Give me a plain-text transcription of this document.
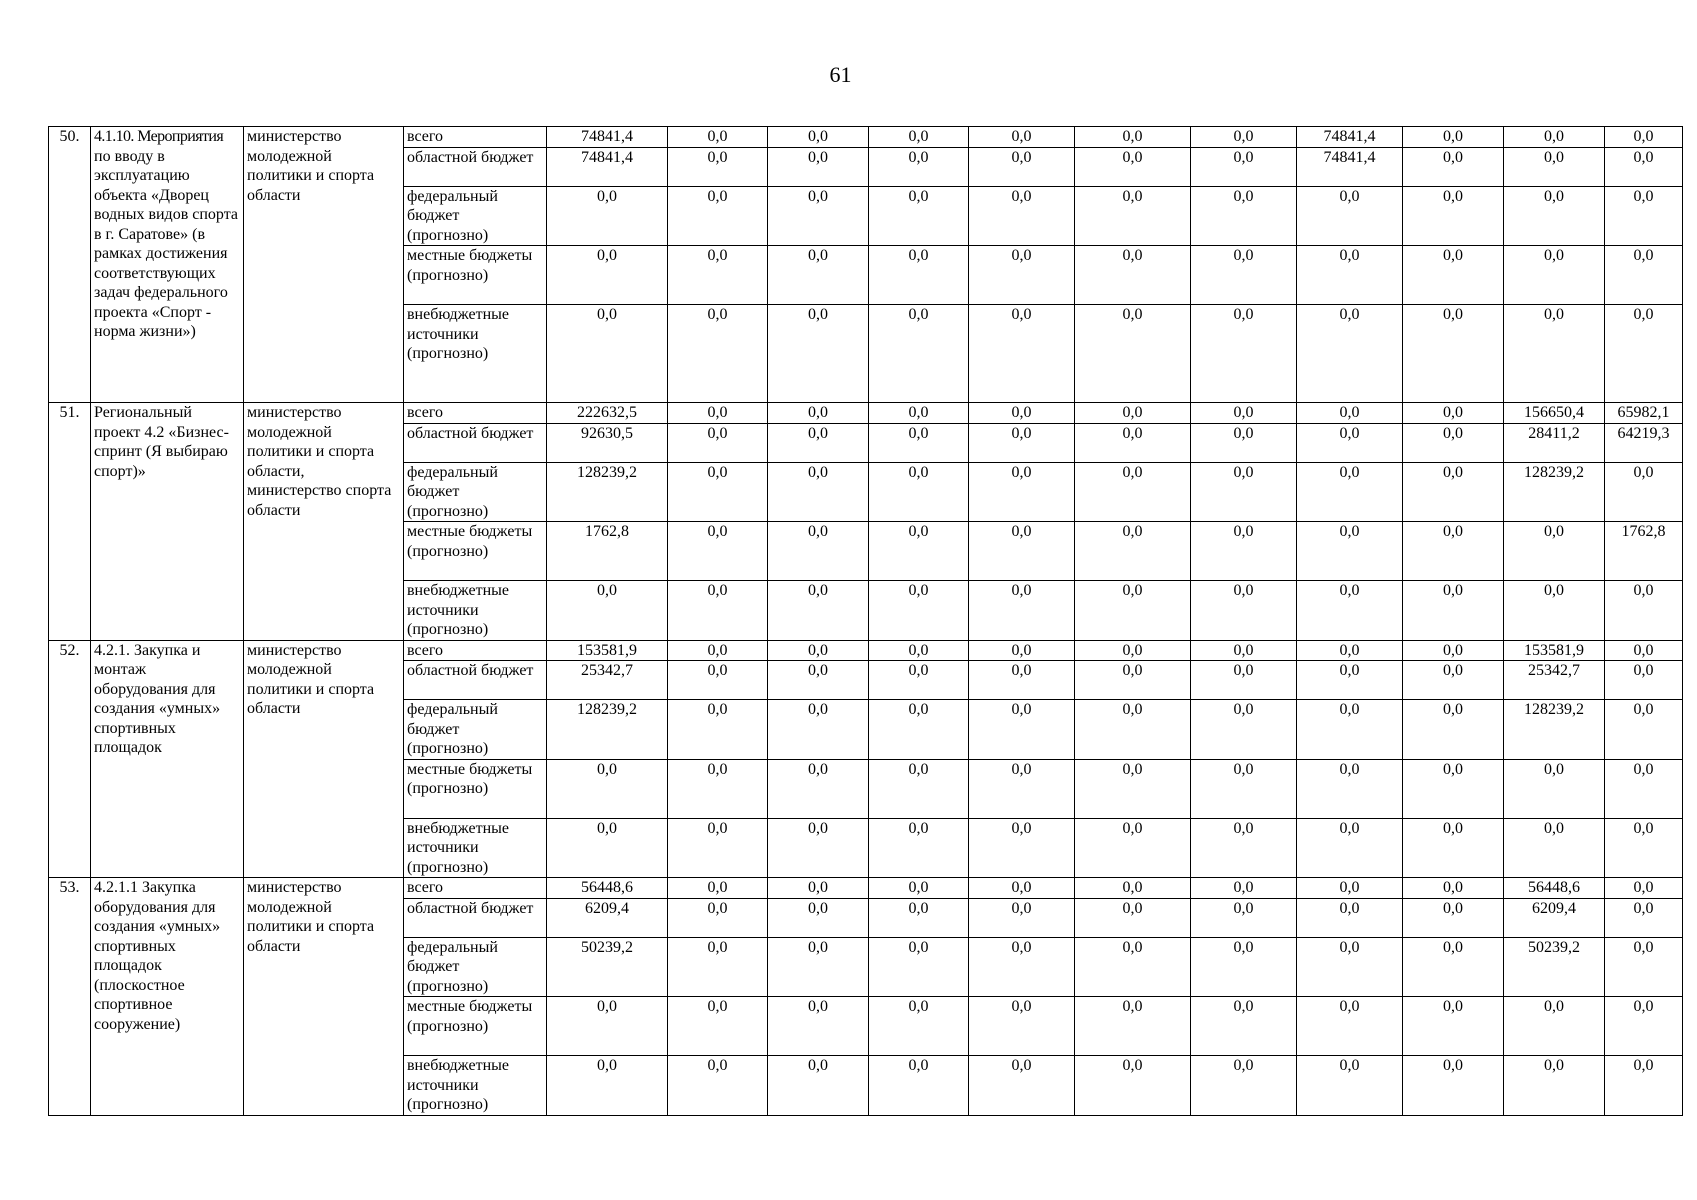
61
50.	4.1.10. Мероприятия по вводу в эксплуатацию объекта «Дворец водных видов спорта в г. Саратове» (в рамках достижения соответствующих задач федерального проекта «Спорт - норма жизни»)	министерство молодежной политики и спорта области	всего	74841,4	0,0	0,0	0,0	0,0	0,0	0,0	74841,4	0,0	0,0	0,0
			областной бюджет	74841,4	0,0	0,0	0,0	0,0	0,0	0,0	74841,4	0,0	0,0	0,0
			федеральный бюджет (прогнозно)	0,0	0,0	0,0	0,0	0,0	0,0	0,0	0,0	0,0	0,0	0,0
			местные бюджеты (прогнозно)	0,0	0,0	0,0	0,0	0,0	0,0	0,0	0,0	0,0	0,0	0,0
			внебюджетные источники (прогнозно)	0,0	0,0	0,0	0,0	0,0	0,0	0,0	0,0	0,0	0,0	0,0
51.	Региональный проект 4.2 «Бизнес-спринт (Я выбираю спорт)»	министерство молодежной политики и спорта области, министерство спорта области	всего	222632,5	0,0	0,0	0,0	0,0	0,0	0,0	0,0	0,0	156650,4	65982,1
			областной бюджет	92630,5	0,0	0,0	0,0	0,0	0,0	0,0	0,0	0,0	28411,2	64219,3
			федеральный бюджет (прогнозно)	128239,2	0,0	0,0	0,0	0,0	0,0	0,0	0,0	0,0	128239,2	0,0
			местные бюджеты (прогнозно)	1762,8	0,0	0,0	0,0	0,0	0,0	0,0	0,0	0,0	0,0	1762,8
			внебюджетные источники (прогнозно)	0,0	0,0	0,0	0,0	0,0	0,0	0,0	0,0	0,0	0,0	0,0
52.	4.2.1. Закупка и монтаж оборудования для создания «умных» спортивных площадок	министерство молодежной политики и спорта области	всего	153581,9	0,0	0,0	0,0	0,0	0,0	0,0	0,0	0,0	153581,9	0,0
			областной бюджет	25342,7	0,0	0,0	0,0	0,0	0,0	0,0	0,0	0,0	25342,7	0,0
			федеральный бюджет (прогнозно)	128239,2	0,0	0,0	0,0	0,0	0,0	0,0	0,0	0,0	128239,2	0,0
			местные бюджеты (прогнозно)	0,0	0,0	0,0	0,0	0,0	0,0	0,0	0,0	0,0	0,0	0,0
			внебюджетные источники (прогнозно)	0,0	0,0	0,0	0,0	0,0	0,0	0,0	0,0	0,0	0,0	0,0
53.	4.2.1.1 Закупка оборудования для создания «умных» спортивных площадок (плоскостное спортивное сооружение)	министерство молодежной политики и спорта области	всего	56448,6	0,0	0,0	0,0	0,0	0,0	0,0	0,0	0,0	56448,6	0,0
			областной бюджет	6209,4	0,0	0,0	0,0	0,0	0,0	0,0	0,0	0,0	6209,4	0,0
			федеральный бюджет (прогнозно)	50239,2	0,0	0,0	0,0	0,0	0,0	0,0	0,0	0,0	50239,2	0,0
			местные бюджеты (прогнозно)	0,0	0,0	0,0	0,0	0,0	0,0	0,0	0,0	0,0	0,0	0,0
			внебюджетные источники (прогнозно)	0,0	0,0	0,0	0,0	0,0	0,0	0,0	0,0	0,0	0,0	0,0
